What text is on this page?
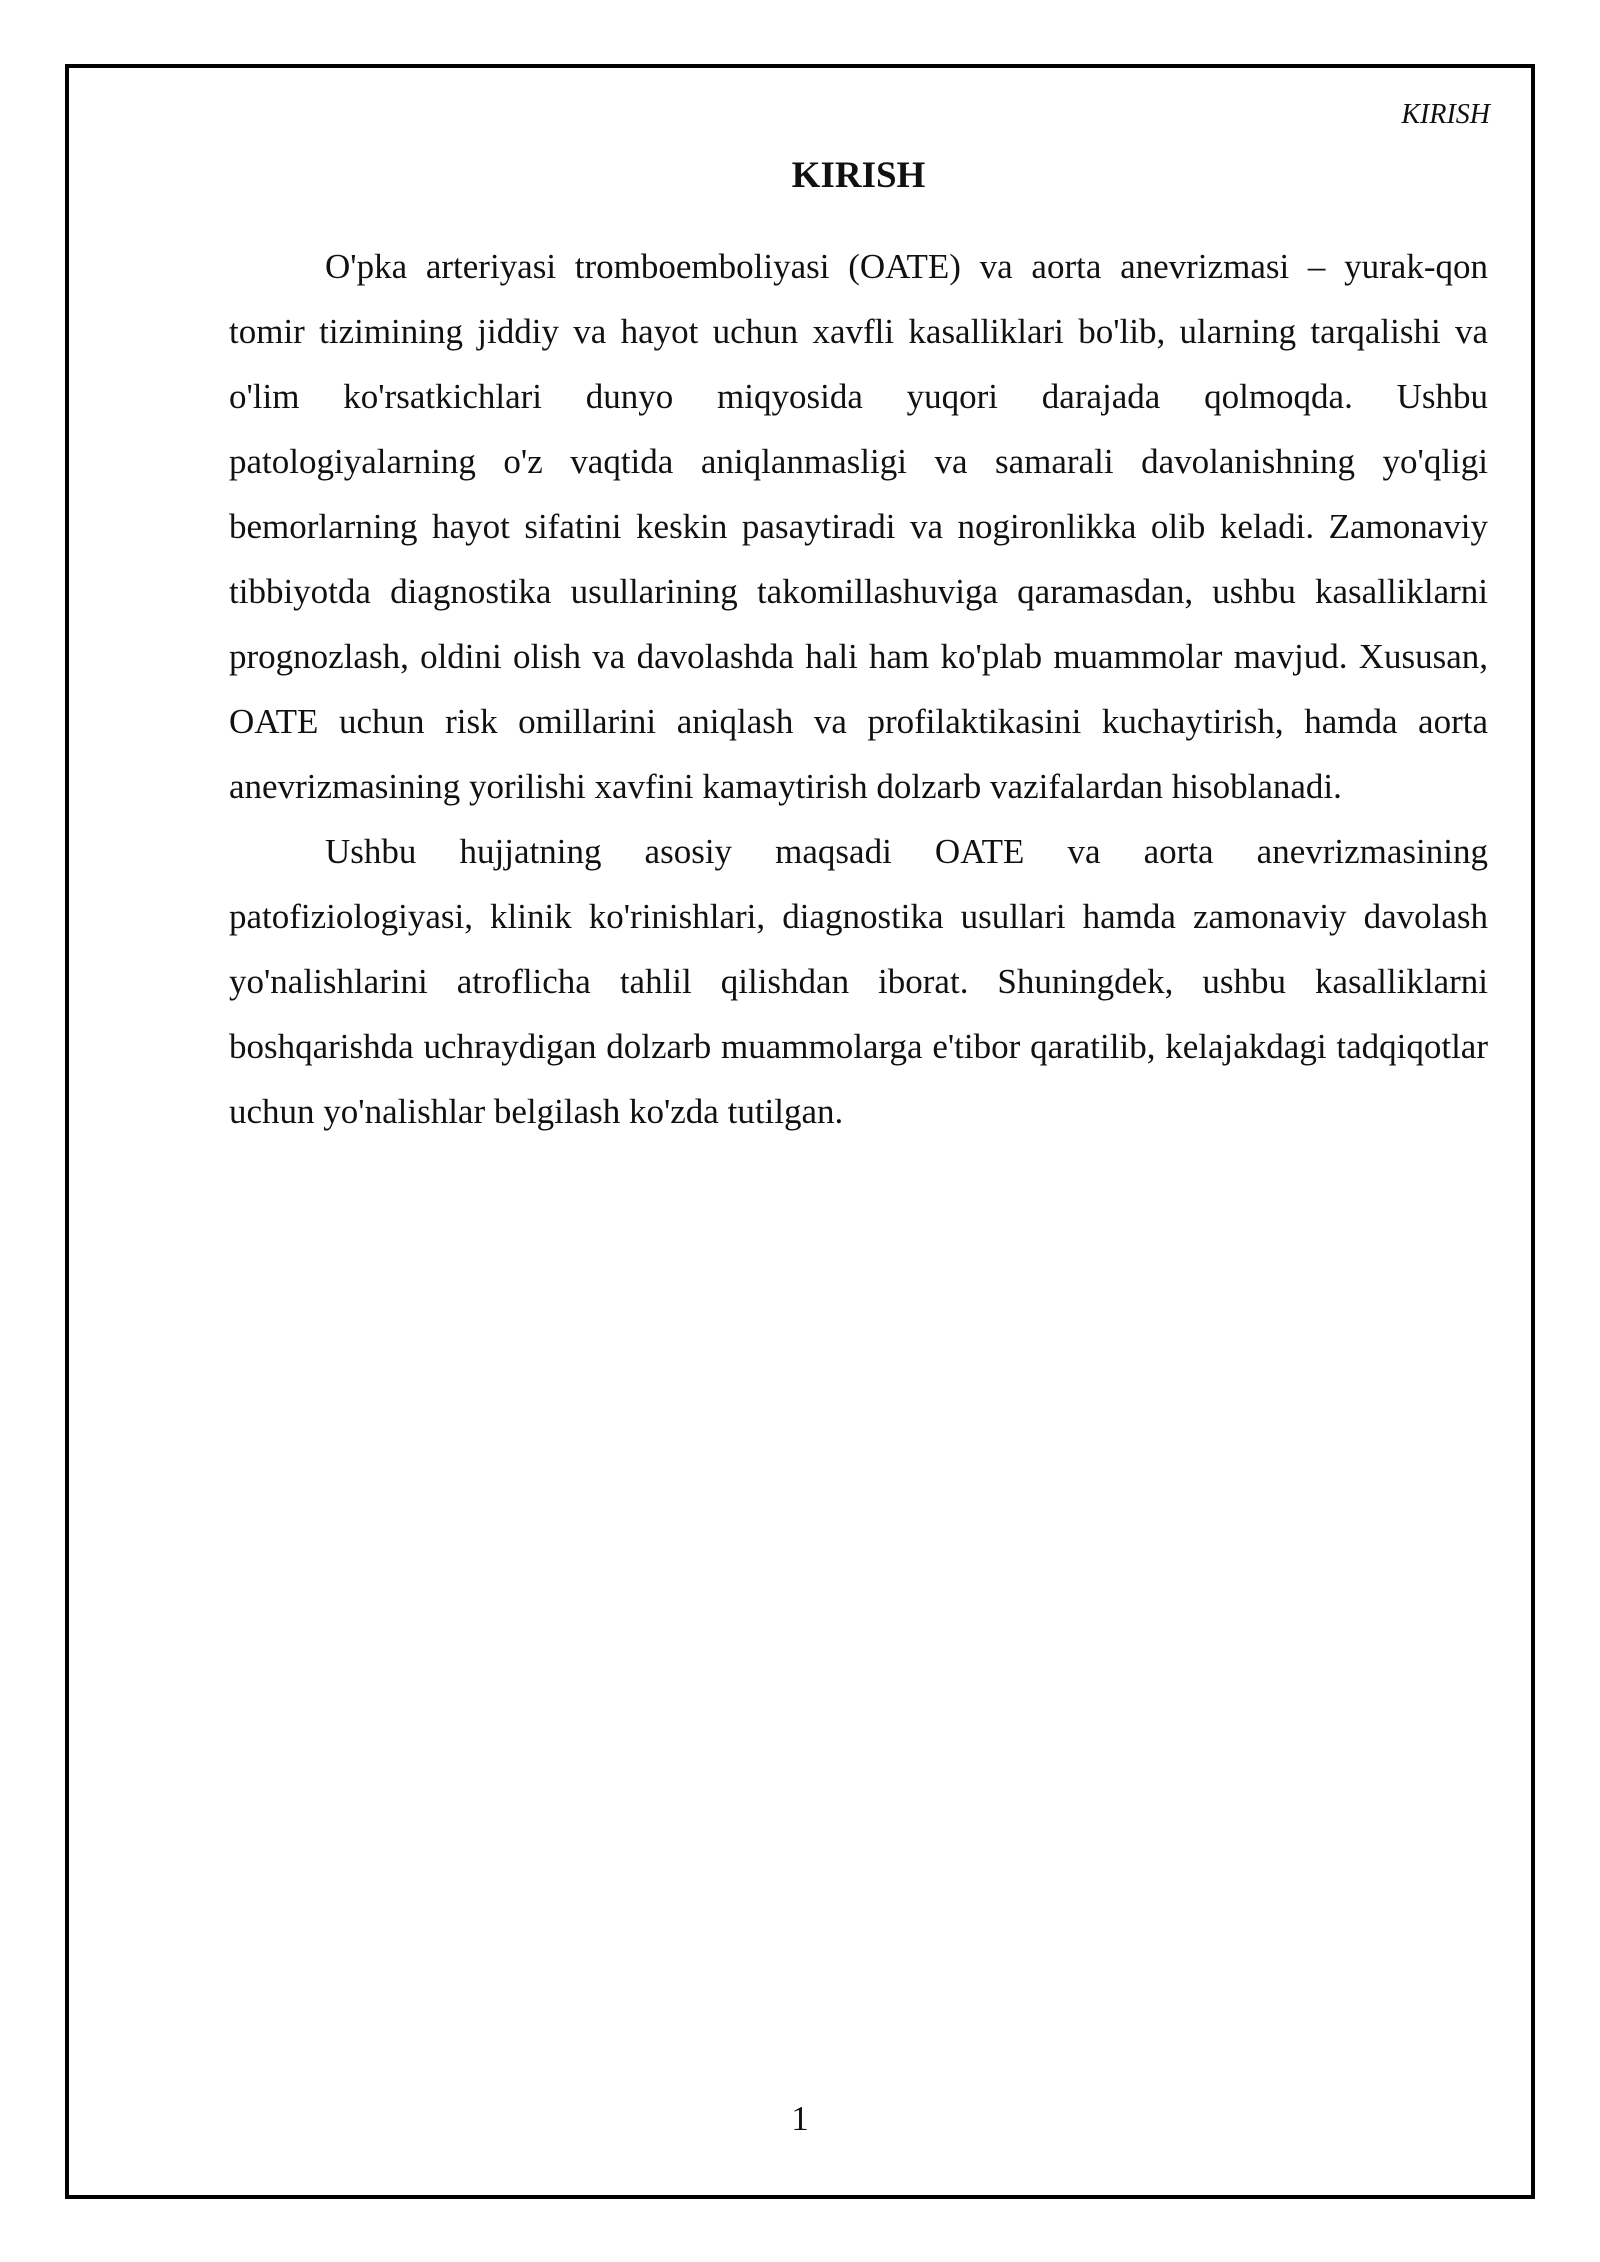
KIRISH
KIRISH

O'pka arteriyasi tromboemboliyasi (OATE) va aorta anevrizmasi – yurak-qon tomir tizimining jiddiy va hayot uchun xavfli kasalliklari bo'lib, ularning tarqalishi va o'lim ko'rsatkichlari dunyo miqyosida yuqori darajada qolmoqda. Ushbu patologiyalarning o'z vaqtida aniqlanmasligi va samarali davolanishning yo'qligi bemorlarning hayot sifatini keskin pasaytiradi va nogironlikka olib keladi. Zamonaviy tibbiyotda diagnostika usullarining takomillashuviga qaramasdan, ushbu kasalliklarni prognozlash, oldini olish va davolashda hali ham ko'plab muammolar mavjud. Xususan, OATE uchun risk omillarini aniqlash va profilaktikasini kuchaytirish, hamda aorta anevrizmasining yorilishi xavfini kamaytirish dolzarb vazifalardan hisoblanadi.

Ushbu hujjatning asosiy maqsadi OATE va aorta anevrizmasining patofiziologiyasi, klinik ko'rinishlari, diagnostika usullari hamda zamonaviy davolash yo'nalishlarini atroflicha tahlil qilishdan iborat. Shuningdek, ushbu kasalliklarni boshqarishda uchraydigan dolzarb muammolarga e'tibor qaratilib, kelajakdagi tadqiqotlar uchun yo'nalishlar belgilash ko'zda tutilgan.

1
